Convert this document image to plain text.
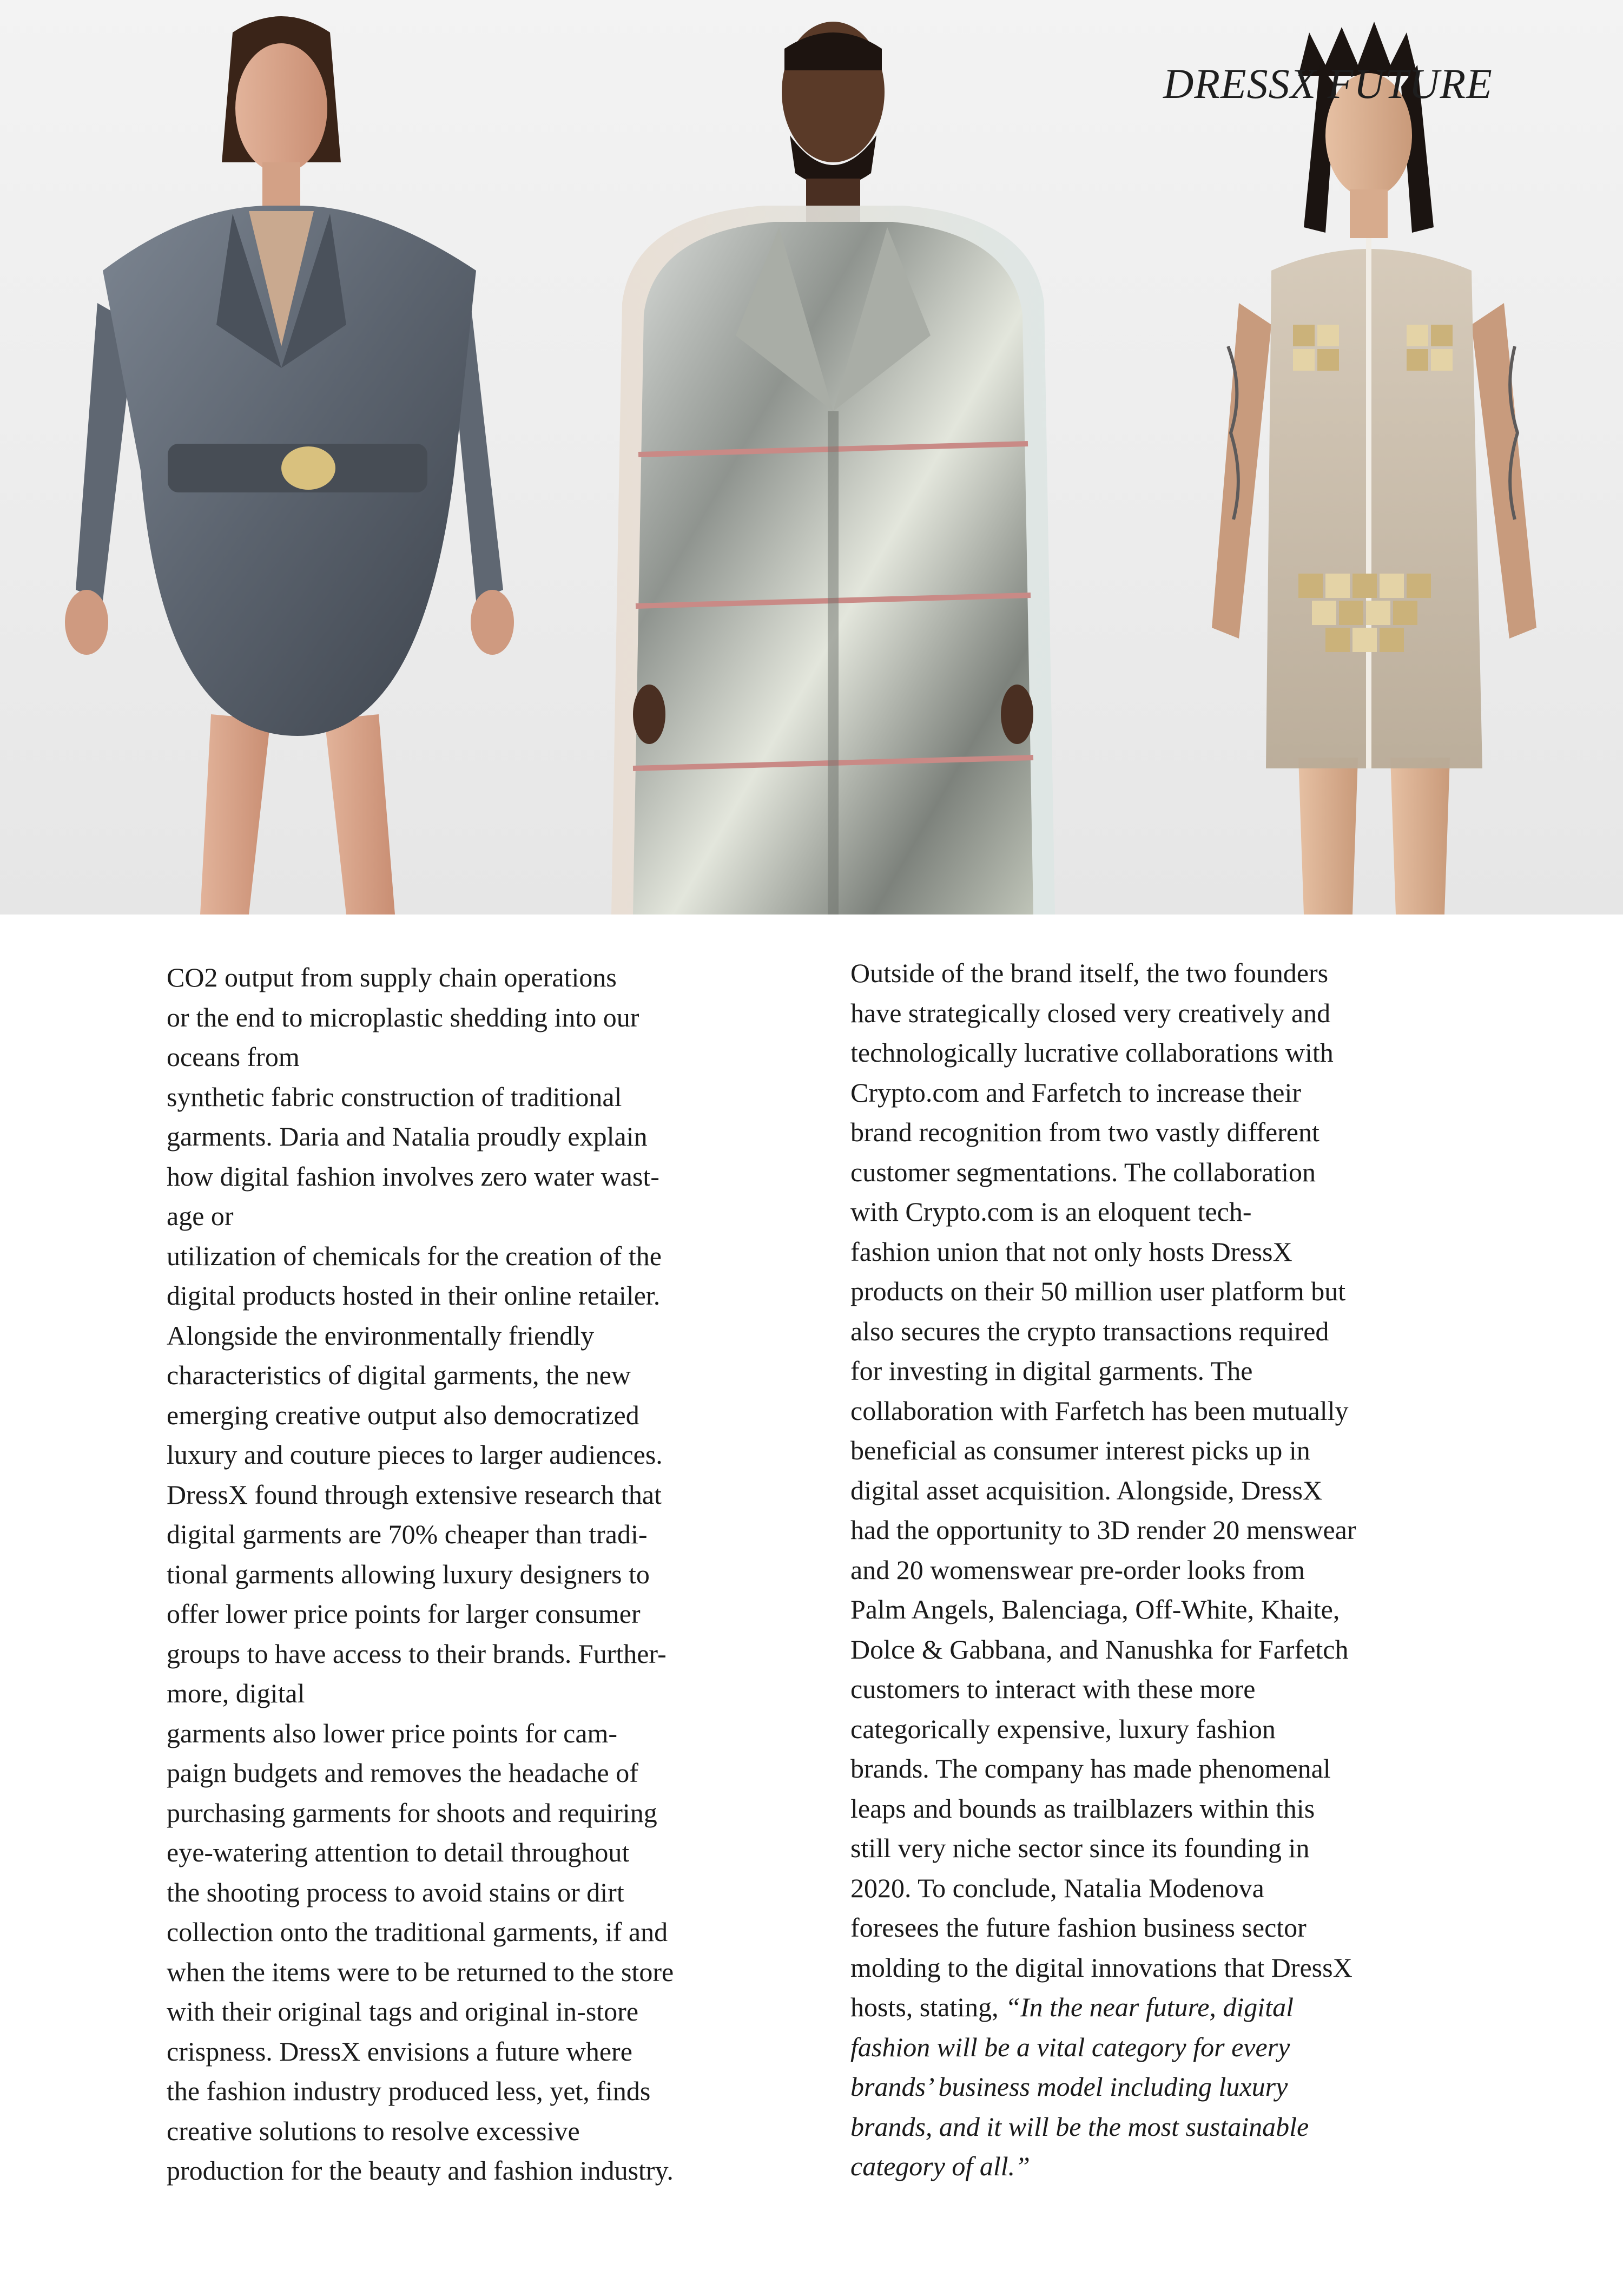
DRESSX FUTURE

CO2 output from supply chain operations

or the end to microplastic shedding into our

oceans from

synthetic fabric construction of traditional

garments. Daria and Natalia proudly explain

how digital fashion involves zero water wast-

age or

utilization of chemicals for the creation of the

digital products hosted in their online retailer.

Alongside the environmentally friendly

characteristics of digital garments, the new

emerging creative output also democratized

luxury and couture pieces to larger audiences.

DressX found through extensive research that

digital garments are 70% cheaper than tradi-

tional garments allowing luxury designers to

offer lower price points for larger consumer

groups to have access to their brands. Further-

more, digital

garments also lower price points for cam-

paign budgets and removes the headache of

purchasing garments for shoots and requiring

eye-watering attention to detail throughout

the shooting process to avoid stains or dirt

collection onto the traditional garments, if and

when the items were to be returned to the store

with their original tags and original in-store

crispness. DressX envisions a future where

the fashion industry produced less, yet, finds

creative solutions to resolve excessive

production for the beauty and fashion industry.

Outside of the brand itself, the two founders

have strategically closed very creatively and

technologically lucrative collaborations with

Crypto.com and Farfetch to increase their

brand recognition from two vastly different

customer segmentations. The collaboration

with Crypto.com is an eloquent tech-

fashion union that not only hosts DressX

products on their 50 million user platform but

also secures the crypto transactions required

for investing in digital garments. The

collaboration with Farfetch has been mutually

beneficial as consumer interest picks up in

digital asset acquisition. Alongside, DressX

had the opportunity to 3D render 20 menswear

and 20 womenswear pre-order looks from

Palm Angels, Balenciaga, Off-White, Khaite,

Dolce & Gabbana, and Nanushka for Farfetch

customers to interact with these more

categorically expensive, luxury fashion

brands. The company has made phenomenal

leaps and bounds as trailblazers within this

still very niche sector since its founding in

2020. To conclude, Natalia Modenova

foresees the future fashion business sector

molding to the digital innovations that DressX

hosts, stating, “In the near future, digital

fashion will be a vital category for every

brands’ business model including luxury

brands, and it will be the most sustainable

category of all.”
